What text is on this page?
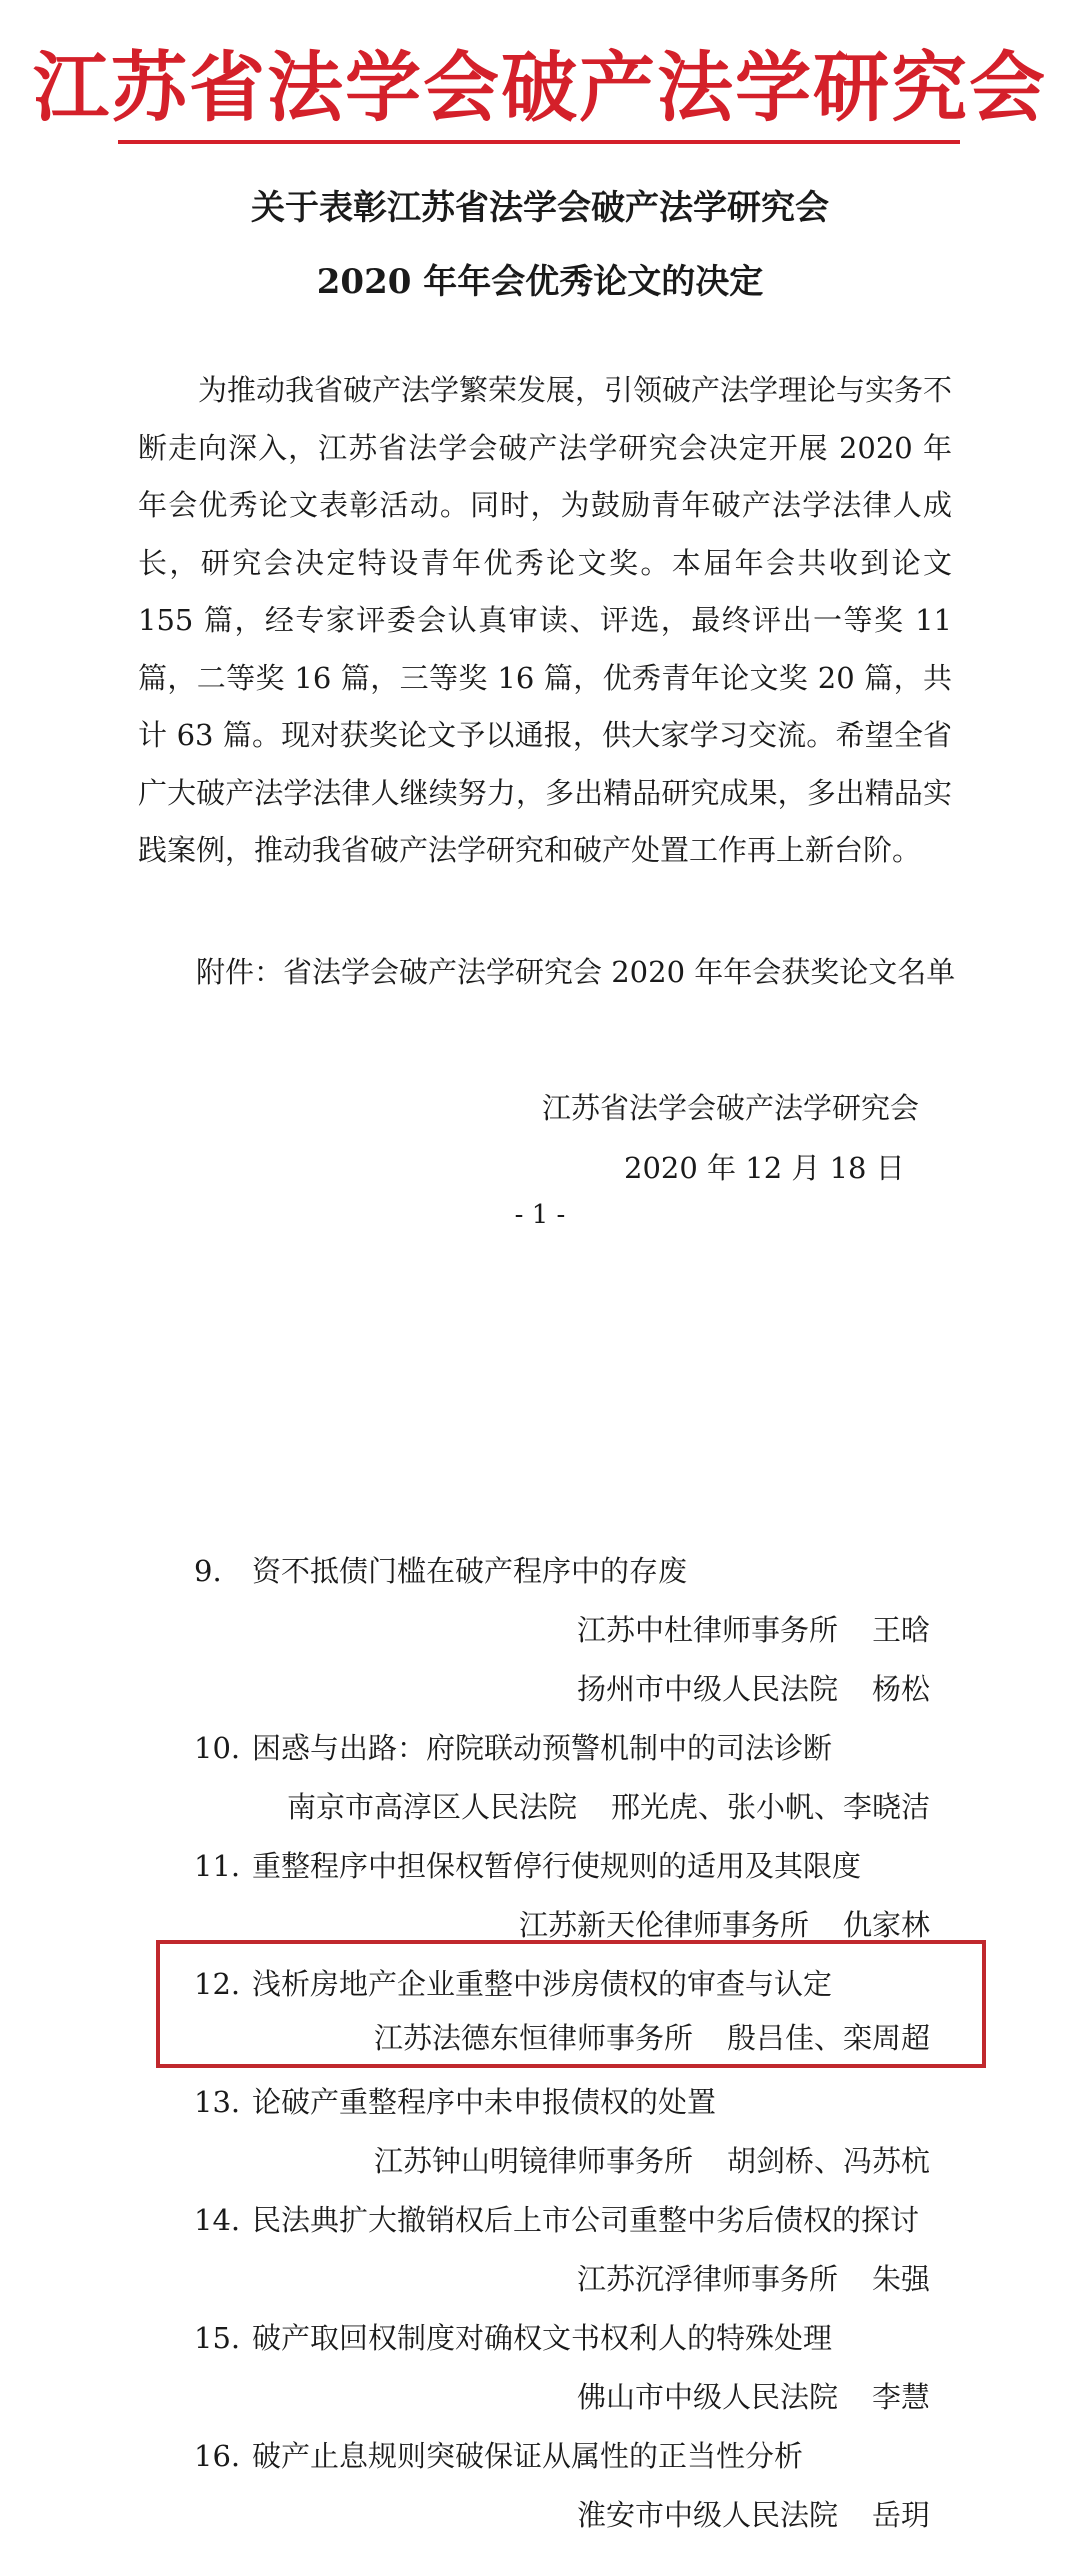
江苏省法学会破产法学研究会
关于表彰江苏省法学会破产法学研究会
2020 年年会优秀论文的决定
为推动我省破产法学繁荣发展，引领破产法学理论与实务不断走向深入，江苏省法学会破产法学研究会决定开展 2020 年年会优秀论文表彰活动。同时，为鼓励青年破产法学法律人成长，研究会决定特设青年优秀论文奖。本届年会共收到论文 155 篇，经专家评委会认真审读、评选，最终评出一等奖 11 篇，二等奖 16 篇，三等奖 16 篇，优秀青年论文奖 20 篇，共计 63 篇。现对获奖论文予以通报，供大家学习交流。希望全省广大破产法学法律人继续努力，多出精品研究成果，多出精品实践案例，推动我省破产法学研究和破产处置工作再上新台阶。
附件：省法学会破产法学研究会 2020 年年会获奖论文名单
江苏省法学会破产法学研究会
2020 年 12 月 18 日
- 1 -
9. 资不抵债门槛在破产程序中的存废
江苏中杜律师事务所 王晗
扬州市中级人民法院 杨松
10. 困惑与出路：府院联动预警机制中的司法诊断
南京市高淳区人民法院 邢光虎、张小帆、李晓洁
11. 重整程序中担保权暂停行使规则的适用及其限度
江苏新天伦律师事务所 仇家林
12. 浅析房地产企业重整中涉房债权的审查与认定
江苏法德东恒律师事务所 殷吕佳、栾周超
13. 论破产重整程序中未申报债权的处置
江苏钟山明镜律师事务所 胡剑桥、冯苏杭
14. 民法典扩大撤销权后上市公司重整中劣后债权的探讨
江苏沉浮律师事务所 朱强
15. 破产取回权制度对确权文书权利人的特殊处理
佛山市中级人民法院 李慧
16. 破产止息规则突破保证从属性的正当性分析
淮安市中级人民法院 岳玥
